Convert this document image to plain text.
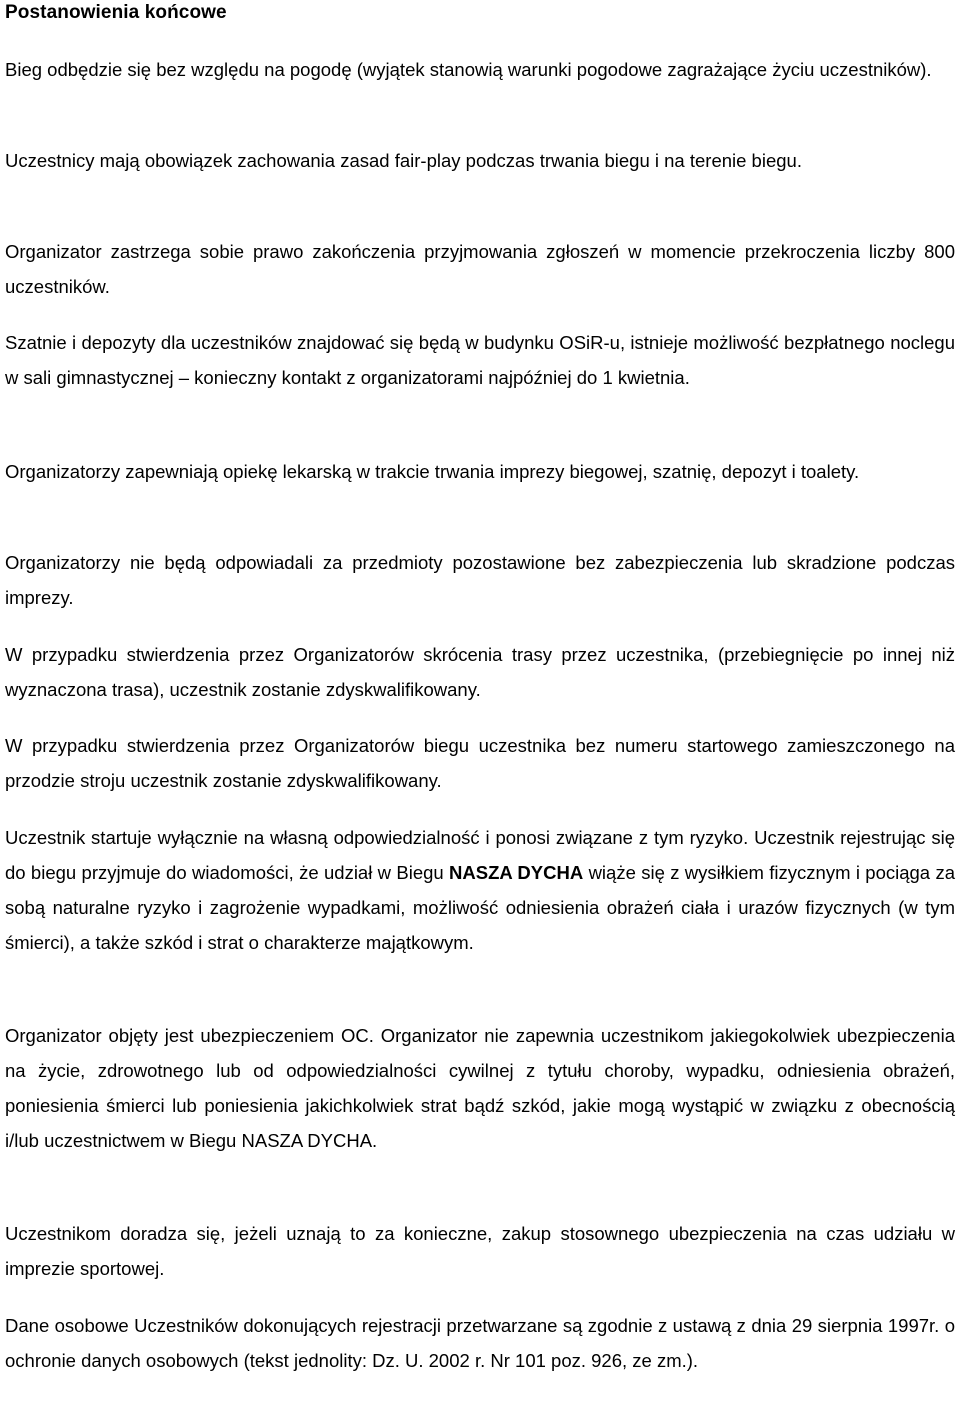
Postanowienia końcowe

Bieg odbędzie się bez względu na pogodę (wyjątek stanowią warunki pogodowe zagrażające życiu uczestników).

Uczestnicy mają obowiązek zachowania zasad fair-play podczas trwania biegu i na terenie biegu.

Organizator zastrzega sobie prawo zakończenia przyjmowania zgłoszeń w momencie przekroczenia liczby 800 uczestników.

Szatnie i depozyty dla uczestników znajdować się będą w budynku OSiR-u, istnieje możliwość bezpłatnego noclegu w sali gimnastycznej – konieczny kontakt z organizatorami najpóźniej do 1 kwietnia.

Organizatorzy zapewniają opiekę lekarską w trakcie trwania imprezy biegowej, szatnię, depozyt i toalety.

Organizatorzy nie będą odpowiadali za przedmioty pozostawione bez zabezpieczenia lub skradzione podczas imprezy.

W przypadku stwierdzenia przez Organizatorów skrócenia trasy przez uczestnika, (przebiegnięcie po innej niż wyznaczona trasa), uczestnik zostanie zdyskwalifikowany.

W przypadku stwierdzenia przez Organizatorów biegu uczestnika bez numeru startowego zamieszczonego na przodzie stroju uczestnik zostanie zdyskwalifikowany.

Uczestnik startuje wyłącznie na własną odpowiedzialność i ponosi związane z tym ryzyko. Uczestnik rejestrując się do biegu przyjmuje do wiadomości, że udział w Biegu NASZA DYCHA wiąże się z wysiłkiem fizycznym i pociąga za sobą naturalne ryzyko i zagrożenie wypadkami, możliwość odniesienia obrażeń ciała i urazów fizycznych (w tym śmierci), a także szkód i strat o charakterze majątkowym.

Organizator objęty jest ubezpieczeniem OC. Organizator nie zapewnia uczestnikom jakiegokolwiek ubezpieczenia na życie, zdrowotnego lub od odpowiedzialności cywilnej z tytułu choroby, wypadku, odniesienia obrażeń, poniesienia śmierci lub poniesienia jakichkolwiek strat bądź szkód, jakie mogą wystąpić w związku z obecnością i/lub uczestnictwem w Biegu NASZA DYCHA.

Uczestnikom doradza się, jeżeli uznają to za konieczne, zakup stosownego ubezpieczenia na czas udziału w imprezie sportowej.

Dane osobowe Uczestników dokonujących rejestracji przetwarzane są zgodnie z ustawą z dnia 29 sierpnia 1997r. o ochronie danych osobowych (tekst jednolity: Dz. U. 2002 r. Nr 101 poz. 926, ze zm.).
